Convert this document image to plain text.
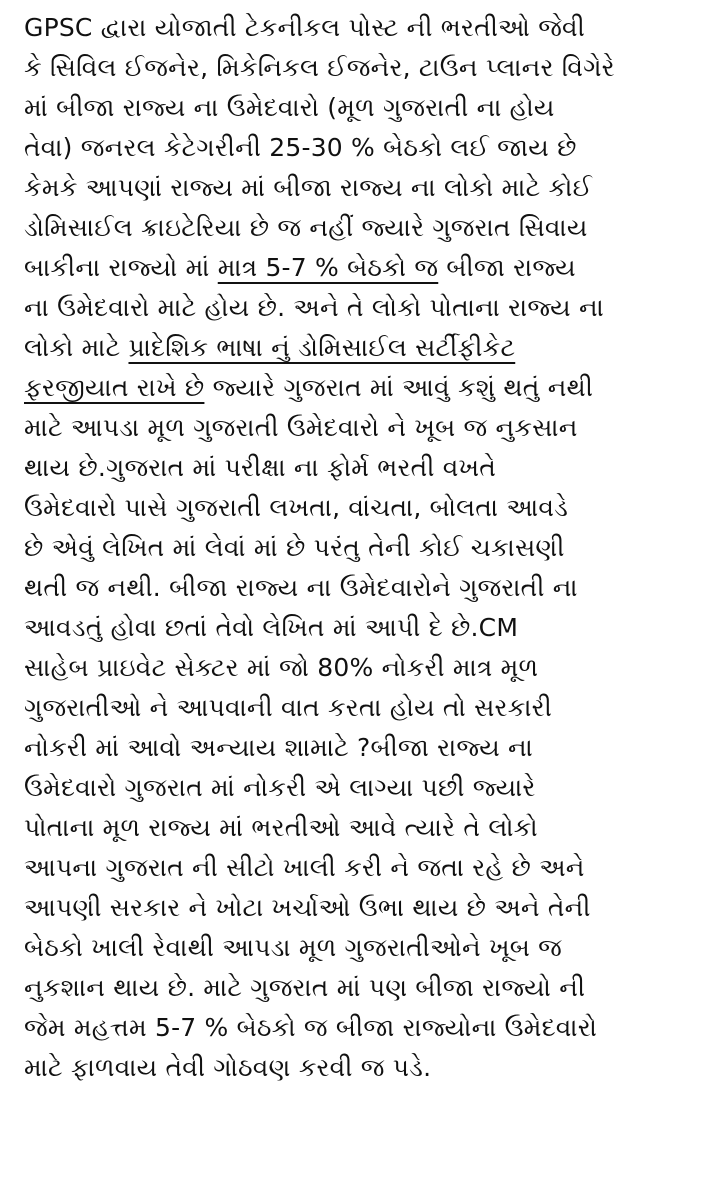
GPSC દ્વારા યોજાતી ટેકનીકલ પોસ્ટ ની ભરતીઓ જેવી
કે સિવિલ ઈજનેર, મિકેનિકલ ઈજનેર, ટાઉન પ્લાનર વિગેરે
માં બીજા રાજ્ય ના ઉમેદવારો (મૂળ ગુજરાતી ના હોય
તેવા) જનરલ કેટેગરીની 25-30 % બેઠકો લઈ જાય છે
કેમકે આપણાં રાજ્ય માં બીજા રાજ્ય ના લોકો માટે કોઈ
ડોમિસાઈલ ક્રાઇટેરિયા છે જ નહીં જ્યારે ગુજરાત સિવાય
બાકીના રાજ્યો માં માત્ર 5-7 % બેઠકો જ બીજા રાજ્ય
ના ઉમેદવારો માટે હોય છે. અને તે લોકો પોતાના રાજ્ય ના
લોકો માટે પ્રાદેશિક ભાષા નું ડોમિસાઈલ સર્ટીફીકેટ
ફરજીયાત રાખે છે જ્યારે ગુજરાત માં આવું કશું થતું નથી
માટે આપડા મૂળ ગુજરાતી ઉમેદવારો ને ખૂબ જ નુકસાન
થાય છે.ગુજરાત માં પરીક્ષા ના ફોર્મ ભરતી વખતે
ઉમેદવારો પાસે ગુજરાતી લખતા, વાંચતા, બોલતા આવડે
છે એવું લેખિત માં લેવાં માં છે પરંતુ તેની કોઈ ચકાસણી
થતી જ નથી. બીજા રાજ્ય ના ઉમેદવારોને ગુજરાતી ના
આવડતું હોવા છતાં તેવો લેખિત માં આપી દે છે.CM
સાહેબ પ્રાઇવેટ સેક્ટર માં જો 80% નોકરી માત્ર મૂળ
ગુજરાતીઓ ને આપવાની વાત કરતા હોય તો સરકારી
નોકરી માં આવો અન્યાય શામાટે ?બીજા રાજ્ય ના
ઉમેદવારો ગુજરાત માં નોકરી એ લાગ્યા પછી જ્યારે
પોતાના મૂળ રાજ્ય માં ભરતીઓ આવે ત્યારે તે લોકો
આપના ગુજરાત ની સીટો ખાલી કરી ને જતા રહે છે અને
આપણી સરકાર ને ખોટા ખર્ચાઓ ઉભા થાય છે અને તેની
બેઠકો ખાલી રેવાથી આપડા મૂળ ગુજરાતીઓને ખૂબ જ
નુકશાન થાય છે. માટે ગુજરાત માં પણ બીજા રાજ્યો ની
જેમ મહત્તમ 5-7 % બેઠકો જ બીજા રાજ્યોના ઉમેદવારો
માટે ફાળવાય તેવી ગોઠવણ કરવી જ પડે.
